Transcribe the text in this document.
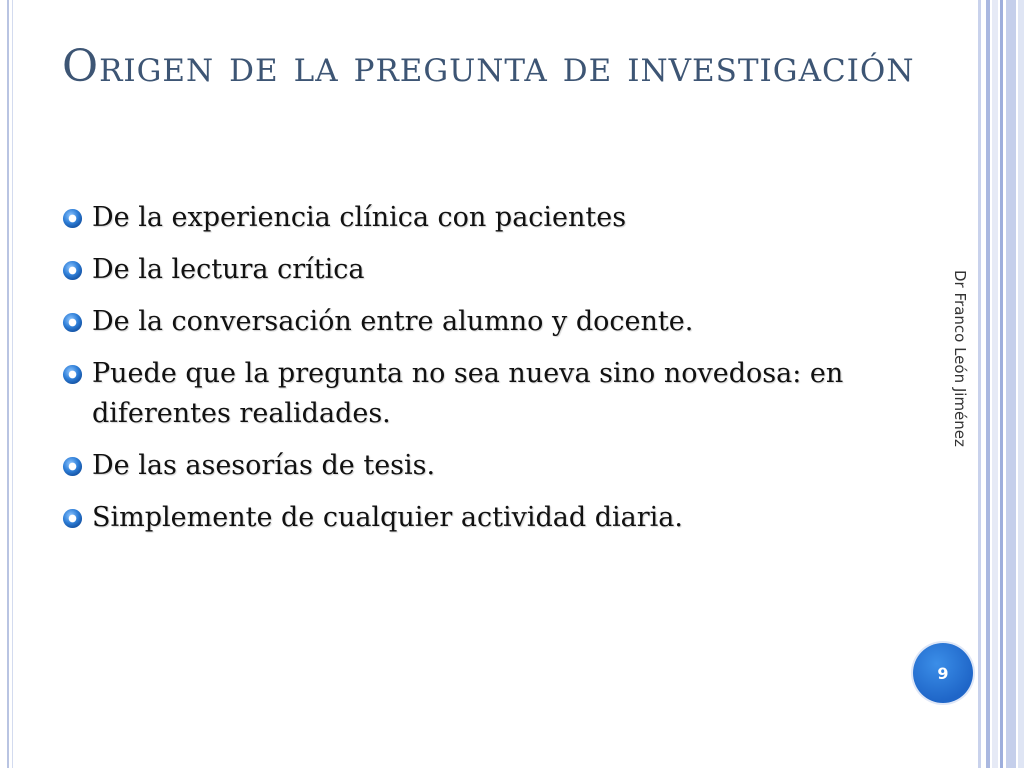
Origen de la pregunta de investigación
De la experiencia clínica con pacientes
De la lectura crítica
De la conversación entre alumno y docente.
Puede que la pregunta no sea nueva sino novedosa: en diferentes realidades.
De las asesorías de tesis.
Simplemente de cualquier actividad diaria.
Dr Franco León Jiménez
9
